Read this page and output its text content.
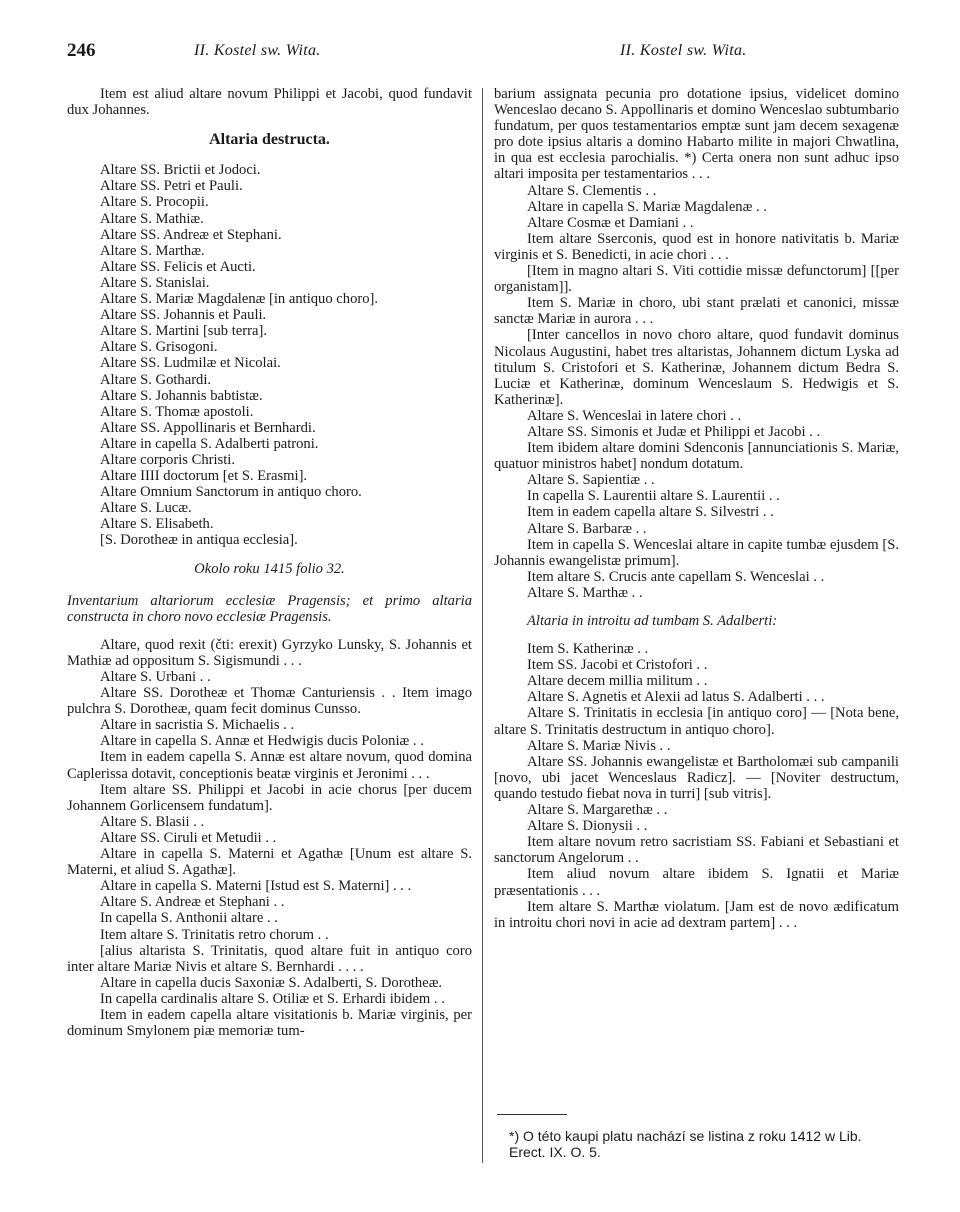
246	II. Kostel sw. Wita.	II. Kostel sw. Wita.

Item est aliud altare novum Philippi et Jacobi, quod fundavit dux Johannes.

Altaria destructa.
Altare SS. Brictii et Jodoci.
Altare SS. Petri et Pauli.
Altare S. Procopii.
Altare S. Mathiæ.
Altare SS. Andreæ et Stephani.
Altare S. Marthæ.
Altare SS. Felicis et Aucti.
Altare S. Stanislai.
Altare S. Mariæ Magdalenæ [in antiquo choro].
Altare SS. Johannis et Pauli.
Altare S. Martini [sub terra].
Altare S. Grisogoni.
Altare SS. Ludmilæ et Nicolai.
Altare S. Gothardi.
Altare S. Johannis babtistæ.
Altare S. Thomæ apostoli.
Altare SS. Appollinaris et Bernhardi.
Altare in capella S. Adalberti patroni.
Altare corporis Christi.
Altare IIII doctorum [et S. Erasmi].
Altare Omnium Sanctorum in antiquo choro.
Altare S. Lucæ.
Altare S. Elisabeth.
[S. Dorotheæ in antiqua ecclesia].
Okolo roku 1415 folio 32.
Inventarium altariorum ecclesiæ Pragensis; et primo altaria constructa in choro novo ecclesiæ Pragensis.

Altare, quod rexit (čti: erexit) Gyrzyko Lunsky, S. Johannis et Mathiæ ad oppositum S. Sigismundi . . .

Altare S. Urbani . .

Altare SS. Dorotheæ et Thomæ Canturiensis . . Item imago pulchra S. Dorotheæ, quam fecit dominus Cunsso.

Altare in sacristia S. Michaelis . .

Altare in capella S. Annæ et Hedwigis ducis Poloniæ . .

Item in eadem capella S. Annæ est altare novum, quod domina Caplerissa dotavit, conceptionis beatæ virginis et Jeronimi . . .

Item altare SS. Philippi et Jacobi in acie chorus [per ducem Johannem Gorlicensem fundatum].

Altare S. Blasii . .

Altare SS. Ciruli et Metudii . .

Altare in capella S. Materni et Agathæ [Unum est altare S. Materni, et aliud S. Agathæ].

Altare in capella S. Materni [Istud est S. Materni] . . .

Altare S. Andreæ et Stephani . .

In capella S. Anthonii altare . .

Item altare S. Trinitatis retro chorum . .

[alius altarista S. Trinitatis, quod altare fuit in antiquo coro inter altare Mariæ Nivis et altare S. Bernhardi . . . .

Altare in capella ducis Saxoniæ S. Adalberti, S. Dorotheæ.

In capella cardinalis altare S. Otiliæ et S. Erhardi ibidem . .

Item in eadem capella altare visitationis b. Mariæ virginis, per dominum Smylonem piæ memoriæ tum-

barium assignata pecunia pro dotatione ipsius, videlicet domino Wenceslao decano S. Appollinaris et domino Wenceslao subtumbario fundatum, per quos testamentarios emptæ sunt jam decem sexagenæ pro dote ipsius altaris a domino Habarto milite in majori Chwatlina, in qua est ecclesia parochialis. *) Certa onera non sunt adhuc ipso altari imposita per testamentarios . . .

Altare S. Clementis . .

Altare in capella S. Mariæ Magdalenæ . .

Altare Cosmæ et Damiani . .

Item altare Sserconis, quod est in honore nativitatis b. Mariæ virginis et S. Benedicti, in acie chori . . .

[Item in magno altari S. Viti cottidie missæ defunctorum] [[per organistam]].

Item S. Mariæ in choro, ubi stant prælati et canonici, missæ sanctæ Mariæ in aurora . . .

[Inter cancellos in novo choro altare, quod fundavit dominus Nicolaus Augustini, habet tres altaristas, Johannem dictum Lyska ad titulum S. Cristofori et S. Katherinæ, Johannem dictum Bedra S. Luciæ et Katherinæ, dominum Wenceslaum S. Hedwigis et S. Katherinæ].

Altare S. Wenceslai in latere chori . .

Altare SS. Simonis et Judæ et Philippi et Jacobi . .

Item ibidem altare domini Sdenconis [annunciationis S. Mariæ, quatuor ministros habet] nondum dotatum.

Altare S. Sapientiæ . .

In capella S. Laurentii altare S. Laurentii . .

Item in eadem capella altare S. Silvestri . .

Altare S. Barbaræ . .

Item in capella S. Wenceslai altare in capite tumbæ ejusdem [S. Johannis ewangelistæ primum].

Item altare S. Crucis ante capellam S. Wenceslai . .

Altare S. Marthæ . .

Altaria in introitu ad tumbam S. Adalberti:

Item S. Katherinæ . .

Item SS. Jacobi et Cristofori . .

Altare decem millia militum . .

Altare S. Agnetis et Alexii ad latus S. Adalberti . . .

Altare S. Trinitatis in ecclesia [in antiquo coro] — [Nota bene, altare S. Trinitatis destructum in antiquo choro].

Altare S. Mariæ Nivis . .

Altare SS. Johannis ewangelistæ et Bartholomæi sub campanili [novo, ubi jacet Wenceslaus Radicz]. — [Noviter destructum, quando testudo fiebat nova in turri] [sub vitris].

Altare S. Margarethæ . .

Altare S. Dionysii . .

Item altare novum retro sacristiam SS. Fabiani et Sebastiani et sanctorum Angelorum . .

Item aliud novum altare ibidem S. Ignatii et Mariæ præsentationis . . .

Item altare S. Marthæ violatum. [Jam est de novo ædificatum in introitu chori novi in acie ad dextram partem] . . .

*) O této kaupi platu nachází se listina z roku 1412 w Lib. Erect. IX. O. 5.
